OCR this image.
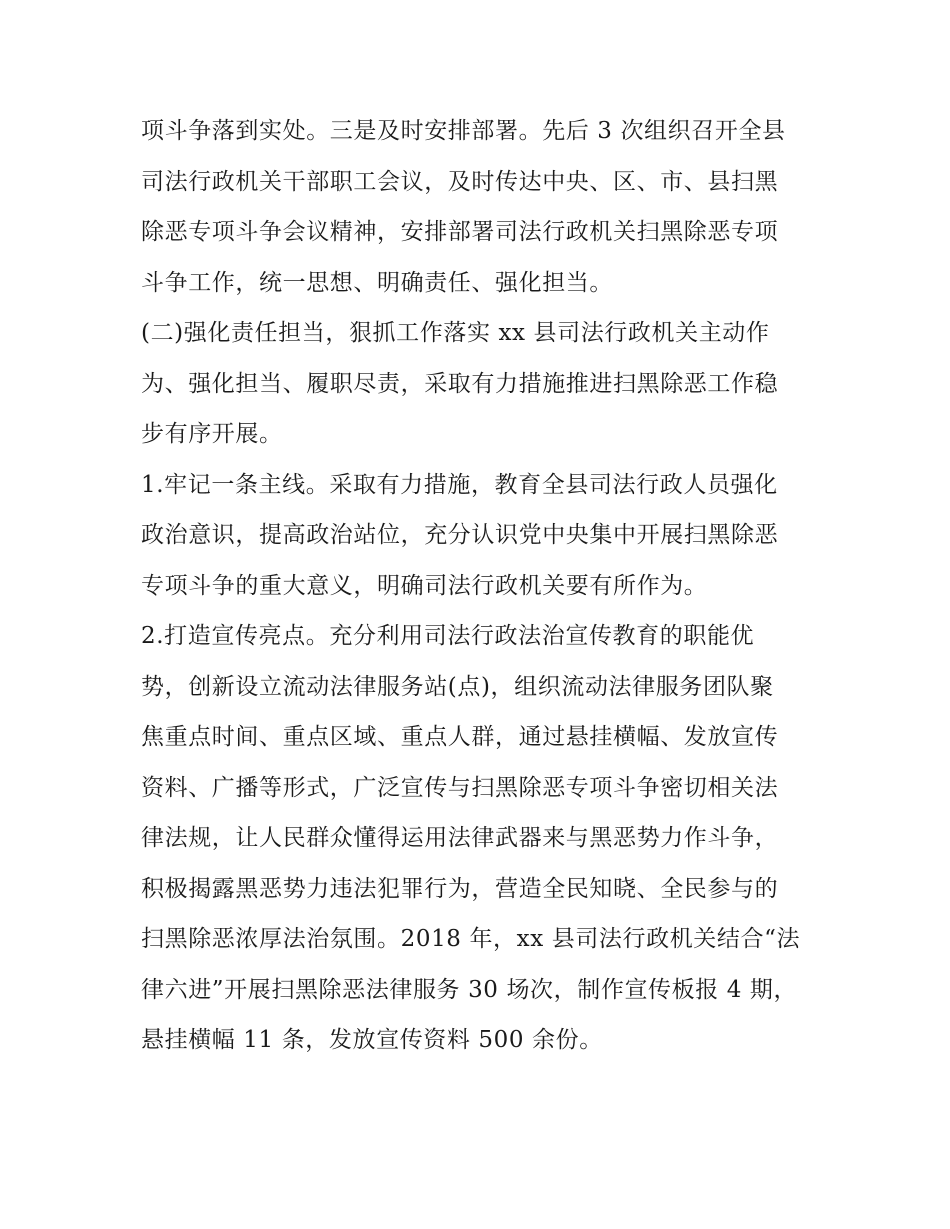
项斗争落到实处。三是及时安排部署。先后 3 次组织召开全县
司法行政机关干部职工会议，及时传达中央、区、市、县扫黑
除恶专项斗争会议精神，安排部署司法行政机关扫黑除恶专项
斗争工作，统一思想、明确责任、强化担当。
(二)强化责任担当，狠抓工作落实 xx 县司法行政机关主动作
为、强化担当、履职尽责，采取有力措施推进扫黑除恶工作稳
步有序开展。
1.牢记一条主线。采取有力措施，教育全县司法行政人员强化
政治意识，提高政治站位，充分认识党中央集中开展扫黑除恶
专项斗争的重大意义，明确司法行政机关要有所作为。
2.打造宣传亮点。充分利用司法行政法治宣传教育的职能优
势，创新设立流动法律服务站(点)，组织流动法律服务团队聚
焦重点时间、重点区域、重点人群，通过悬挂横幅、发放宣传
资料、广播等形式，广泛宣传与扫黑除恶专项斗争密切相关法
律法规，让人民群众懂得运用法律武器来与黑恶势力作斗争，
积极揭露黑恶势力违法犯罪行为，营造全民知晓、全民参与的
扫黑除恶浓厚法治氛围。2018 年，xx 县司法行政机关结合“法
律六进”开展扫黑除恶法律服务 30 场次，制作宣传板报 4 期，
悬挂横幅 11 条，发放宣传资料 500 余份。
